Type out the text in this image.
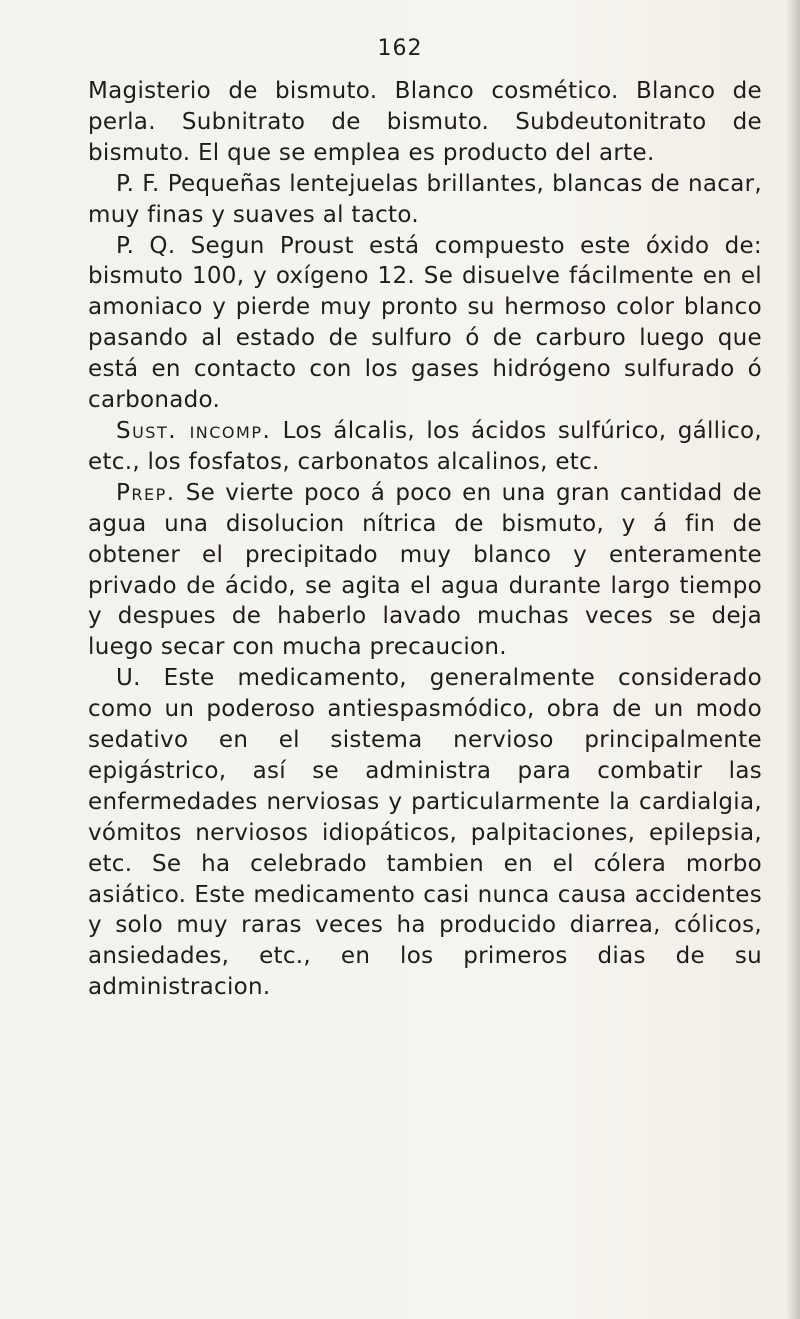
162

Magisterio de bismuto. Blanco cosmético. Blanco de perla. Subnitrato de bismuto. Subdeutonitrato de bismuto. El que se emplea es producto del arte.

P. F. Pequeñas lentejuelas brillantes, blancas de nacar, muy finas y suaves al tacto.

P. Q. Segun Proust está compuesto este óxido de: bismuto 100, y oxígeno 12. Se disuelve fácilmente en el amoniaco y pierde muy pronto su hermoso color blanco pasando al estado de sulfuro ó de carburo luego que está en contacto con los gases hidrógeno sulfurado ó carbonado.

Sust. incomp. Los álcalis, los ácidos sulfúrico, gállico, etc., los fosfatos, carbonatos alcalinos, etc.

Prep. Se vierte poco á poco en una gran cantidad de agua una disolucion nítrica de bismuto, y á fin de obtener el precipitado muy blanco y enteramente privado de ácido, se agita el agua durante largo tiempo y despues de haberlo lavado muchas veces se deja luego secar con mucha precaucion.

U. Este medicamento, generalmente considerado como un poderoso antiespasmódico, obra de un modo sedativo en el sistema nervioso principalmente epigástrico, así se administra para combatir las enfermedades nerviosas y particularmente la cardialgia, vómitos nerviosos idiopáticos, palpitaciones, epilepsia, etc. Se ha celebrado tambien en el cólera morbo asiático. Este medicamento casi nunca causa accidentes y solo muy raras veces ha producido diarrea, cólicos, ansiedades, etc., en los primeros dias de su administracion.
